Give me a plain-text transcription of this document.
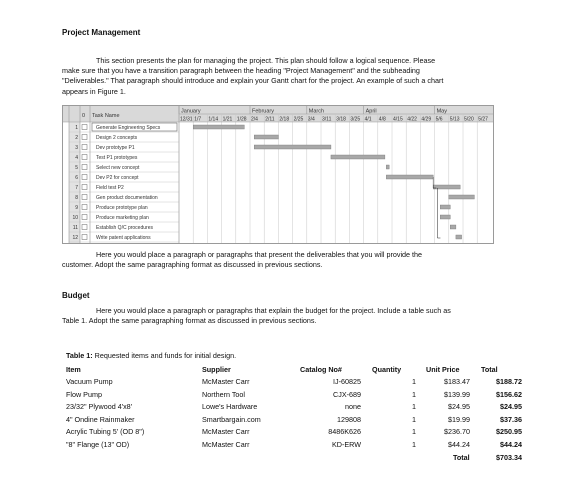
Project Management
This section presents the plan for managing the project. This plan should follow a logical sequence. Please
make sure that you have a transition paragraph between the heading "Project Management" and the subheading
"Deliverables." That paragraph should introduce and explain your Gantt chart for the project. An example of such a chart
appears in Figure 1.
0 Task Name
January	February	March	April	May
12/31 1/7 1/14 1/21 1/28 2/4 2/11 2/18 2/25 3/4 3/11 3/18 3/25 4/1 4/8 4/15 4/22 4/29 5/6 5/13 5/20 5/27
1	Generate Engineering Specs
2	Design 2 concepts
3	Dev prototype P1
4	Test P1 prototypes
5	Select new concept
6	Dev P2 for concept
7	Field test P2
8	Gen product documentation
9	Produce prototype plan
10	Produce marketing plan
11	Establish Q/C procedures
12	Write patent applications
Here you would place a paragraph or paragraphs that present the deliverables that you will provide the
customer. Adopt the same paragraphing format as discussed in previous sections.
Budget
Here you would place a paragraph or paragraphs that explain the budget for the project. Include a table such as
Table 1. Adopt the same paragraphing format as discussed in previous sections.
Table 1: Requested items and funds for initial design.
Item	Supplier	Catalog No#	Quantity	Unit Price	Total
Vacuum Pump	McMaster Carr	IJ-60825	1	$183.47	$188.72
Flow Pump	Northern Tool	CJX-689	1	$139.99	$156.62
23/32" Plywood 4'x8'	Lowe's Hardware	none	1	$24.95	$24.95
4" Ondine Rainmaker	Smartbargain.com	129808	1	$19.99	$37.36
Acrylic Tubing 5' (OD 8")	McMaster Carr	8486K626	1	$236.70	$250.95
"8" Flange (13" OD)	McMaster Carr	KD-ERW	1	$44.24	$44.24
Total	$703.34
